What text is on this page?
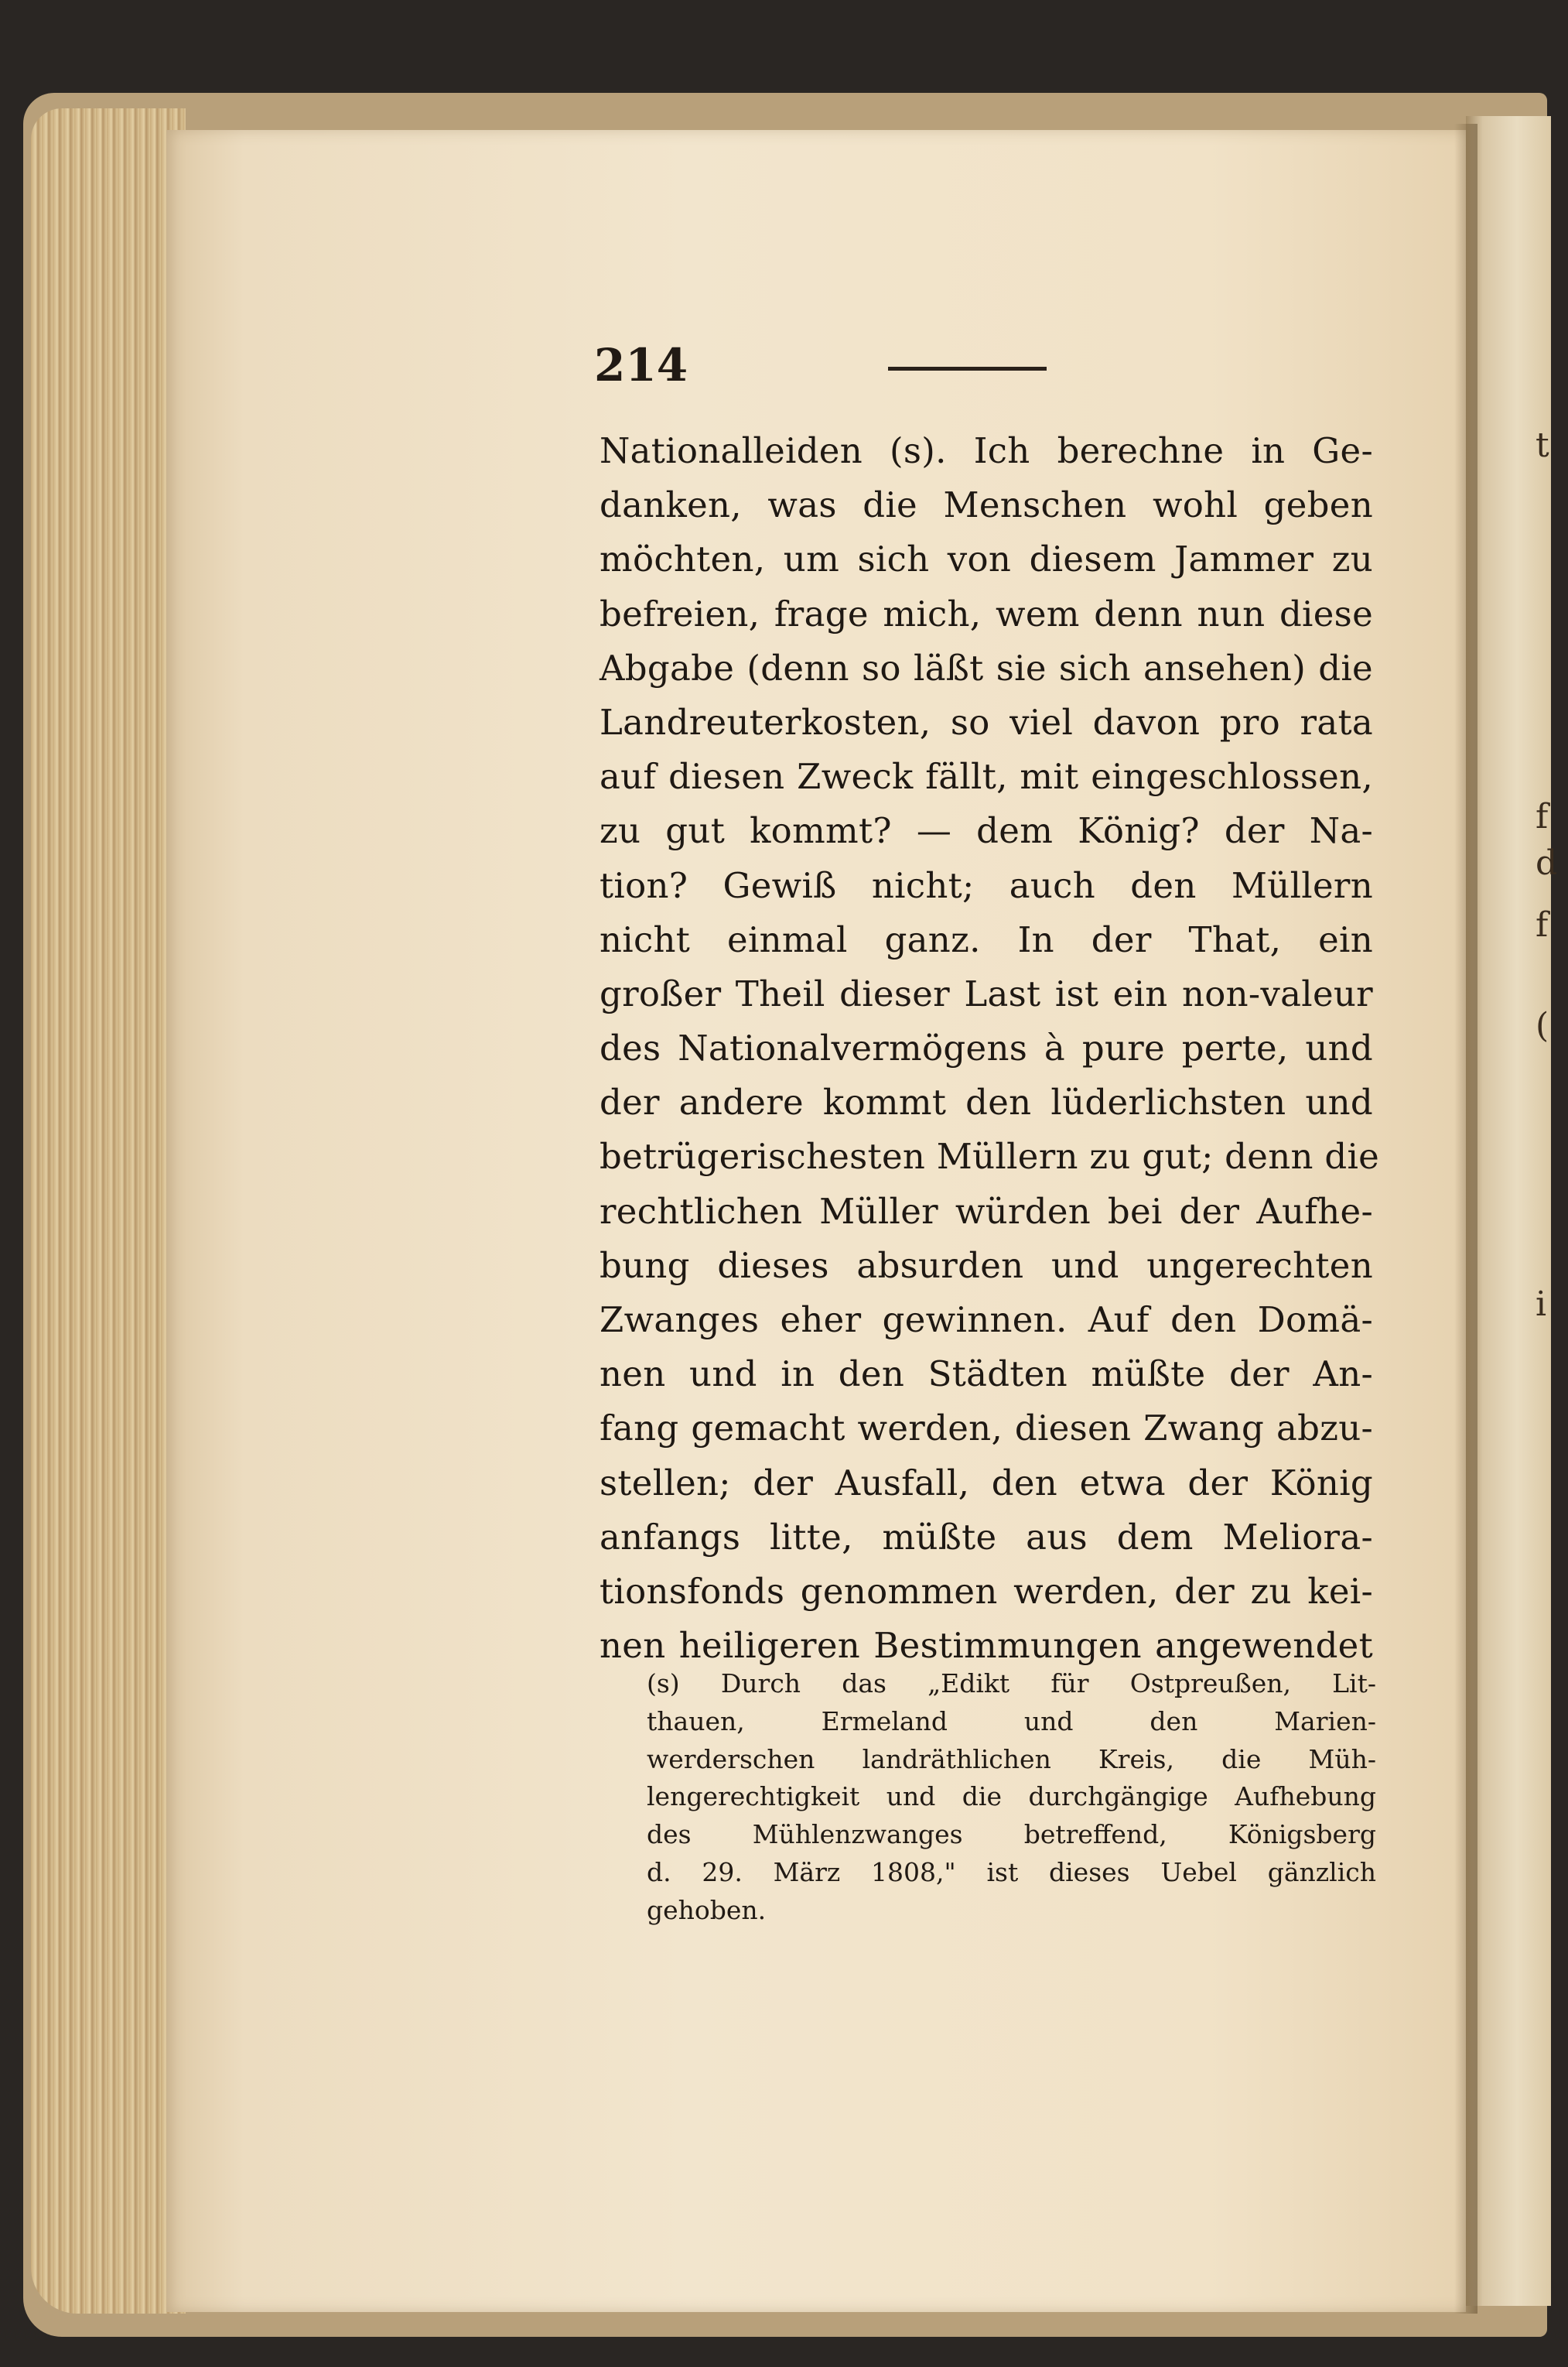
t
f
d
f
(
i
214
Nationalleiden (s). Ich berechne in Ge-
danken, was die Menschen wohl geben
möchten, um sich von diesem Jammer zu
befreien, frage mich, wem denn nun diese
Abgabe (denn so läßt sie sich ansehen) die
Landreuterkosten, so viel davon pro rata
auf diesen Zweck fällt, mit eingeschlossen,
zu gut kommt? — dem König? der Na-
tion? Gewiß nicht; auch den Müllern
nicht einmal ganz. In der That, ein
großer Theil dieser Last ist ein non-valeur
des Nationalvermögens à pure perte, und
der andere kommt den lüderlichsten und
betrügerischesten Müllern zu gut; denn die
rechtlichen Müller würden bei der Aufhe-
bung dieses absurden und ungerechten
Zwanges eher gewinnen. Auf den Domä-
nen und in den Städten müßte der An-
fang gemacht werden, diesen Zwang abzu-
stellen; der Ausfall, den etwa der König
anfangs litte, müßte aus dem Meliora-
tionsfonds genommen werden, der zu kei-
nen heiligeren Bestimmungen angewendet
(s) Durch das „Edikt für Ostpreußen, Lit-
thauen, Ermeland und den Marien-
werderschen landräthlichen Kreis, die Müh-
lengerechtigkeit und die durchgängige Aufhebung
des Mühlenzwanges betreffend, Königsberg
d. 29. März 1808," ist dieses Uebel gänzlich
gehoben.
